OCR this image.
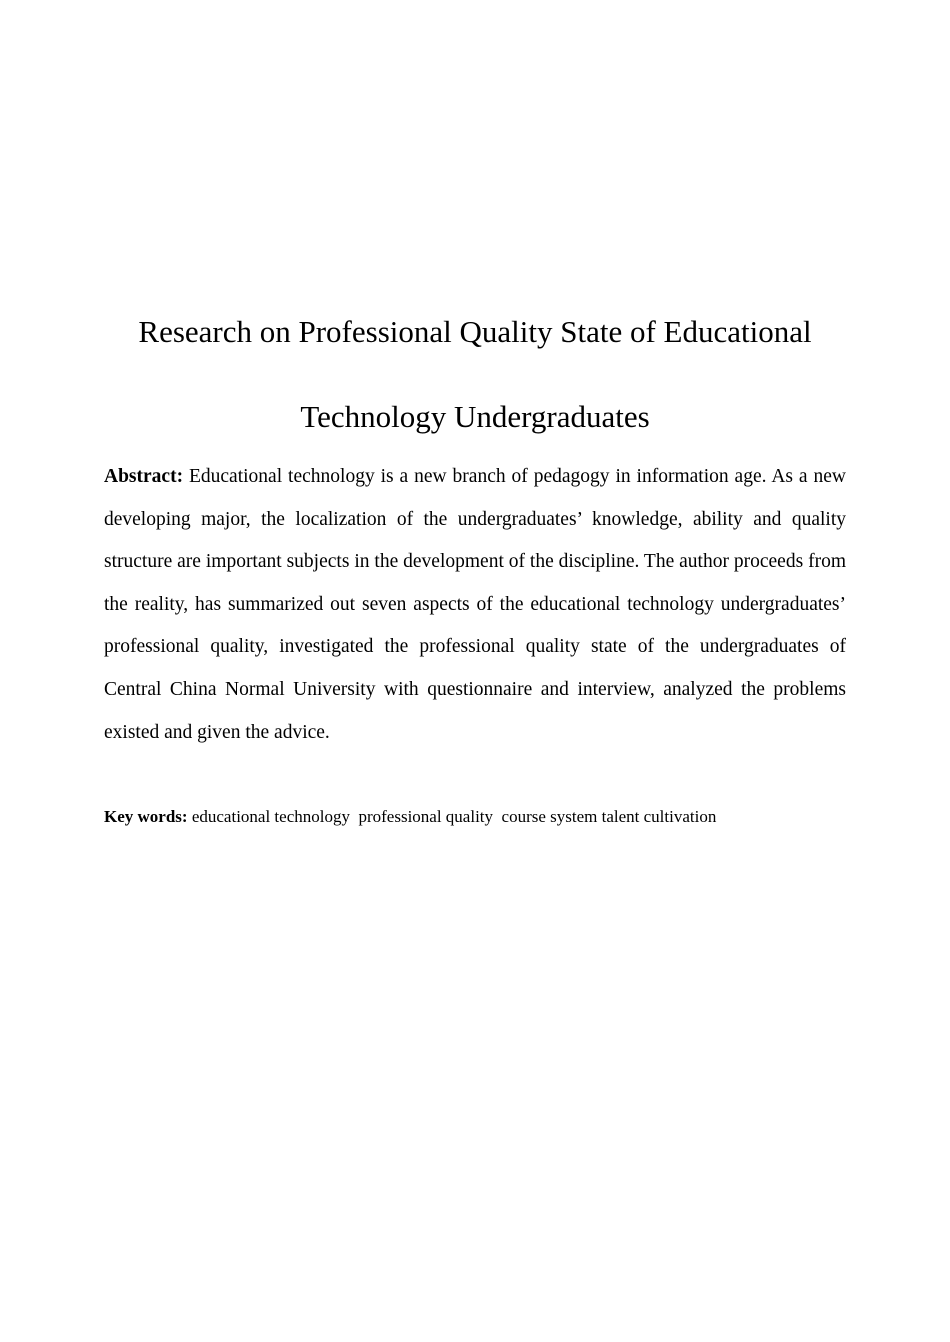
Research on Professional Quality State of Educational
Technology Undergraduates

Abstract: Educational technology is a new branch of pedagogy in information age. As a new developing major, the localization of the undergraduates’ knowledge, ability and quality structure are important subjects in the development of the discipline. The author proceeds from the reality, has summarized out seven aspects of the educational technology undergraduates’ professional quality, investigated the professional quality state of the undergraduates of Central China Normal University with questionnaire and interview, analyzed the problems existed and given the advice.

Key words: educational technology  professional quality  course system talent cultivation
